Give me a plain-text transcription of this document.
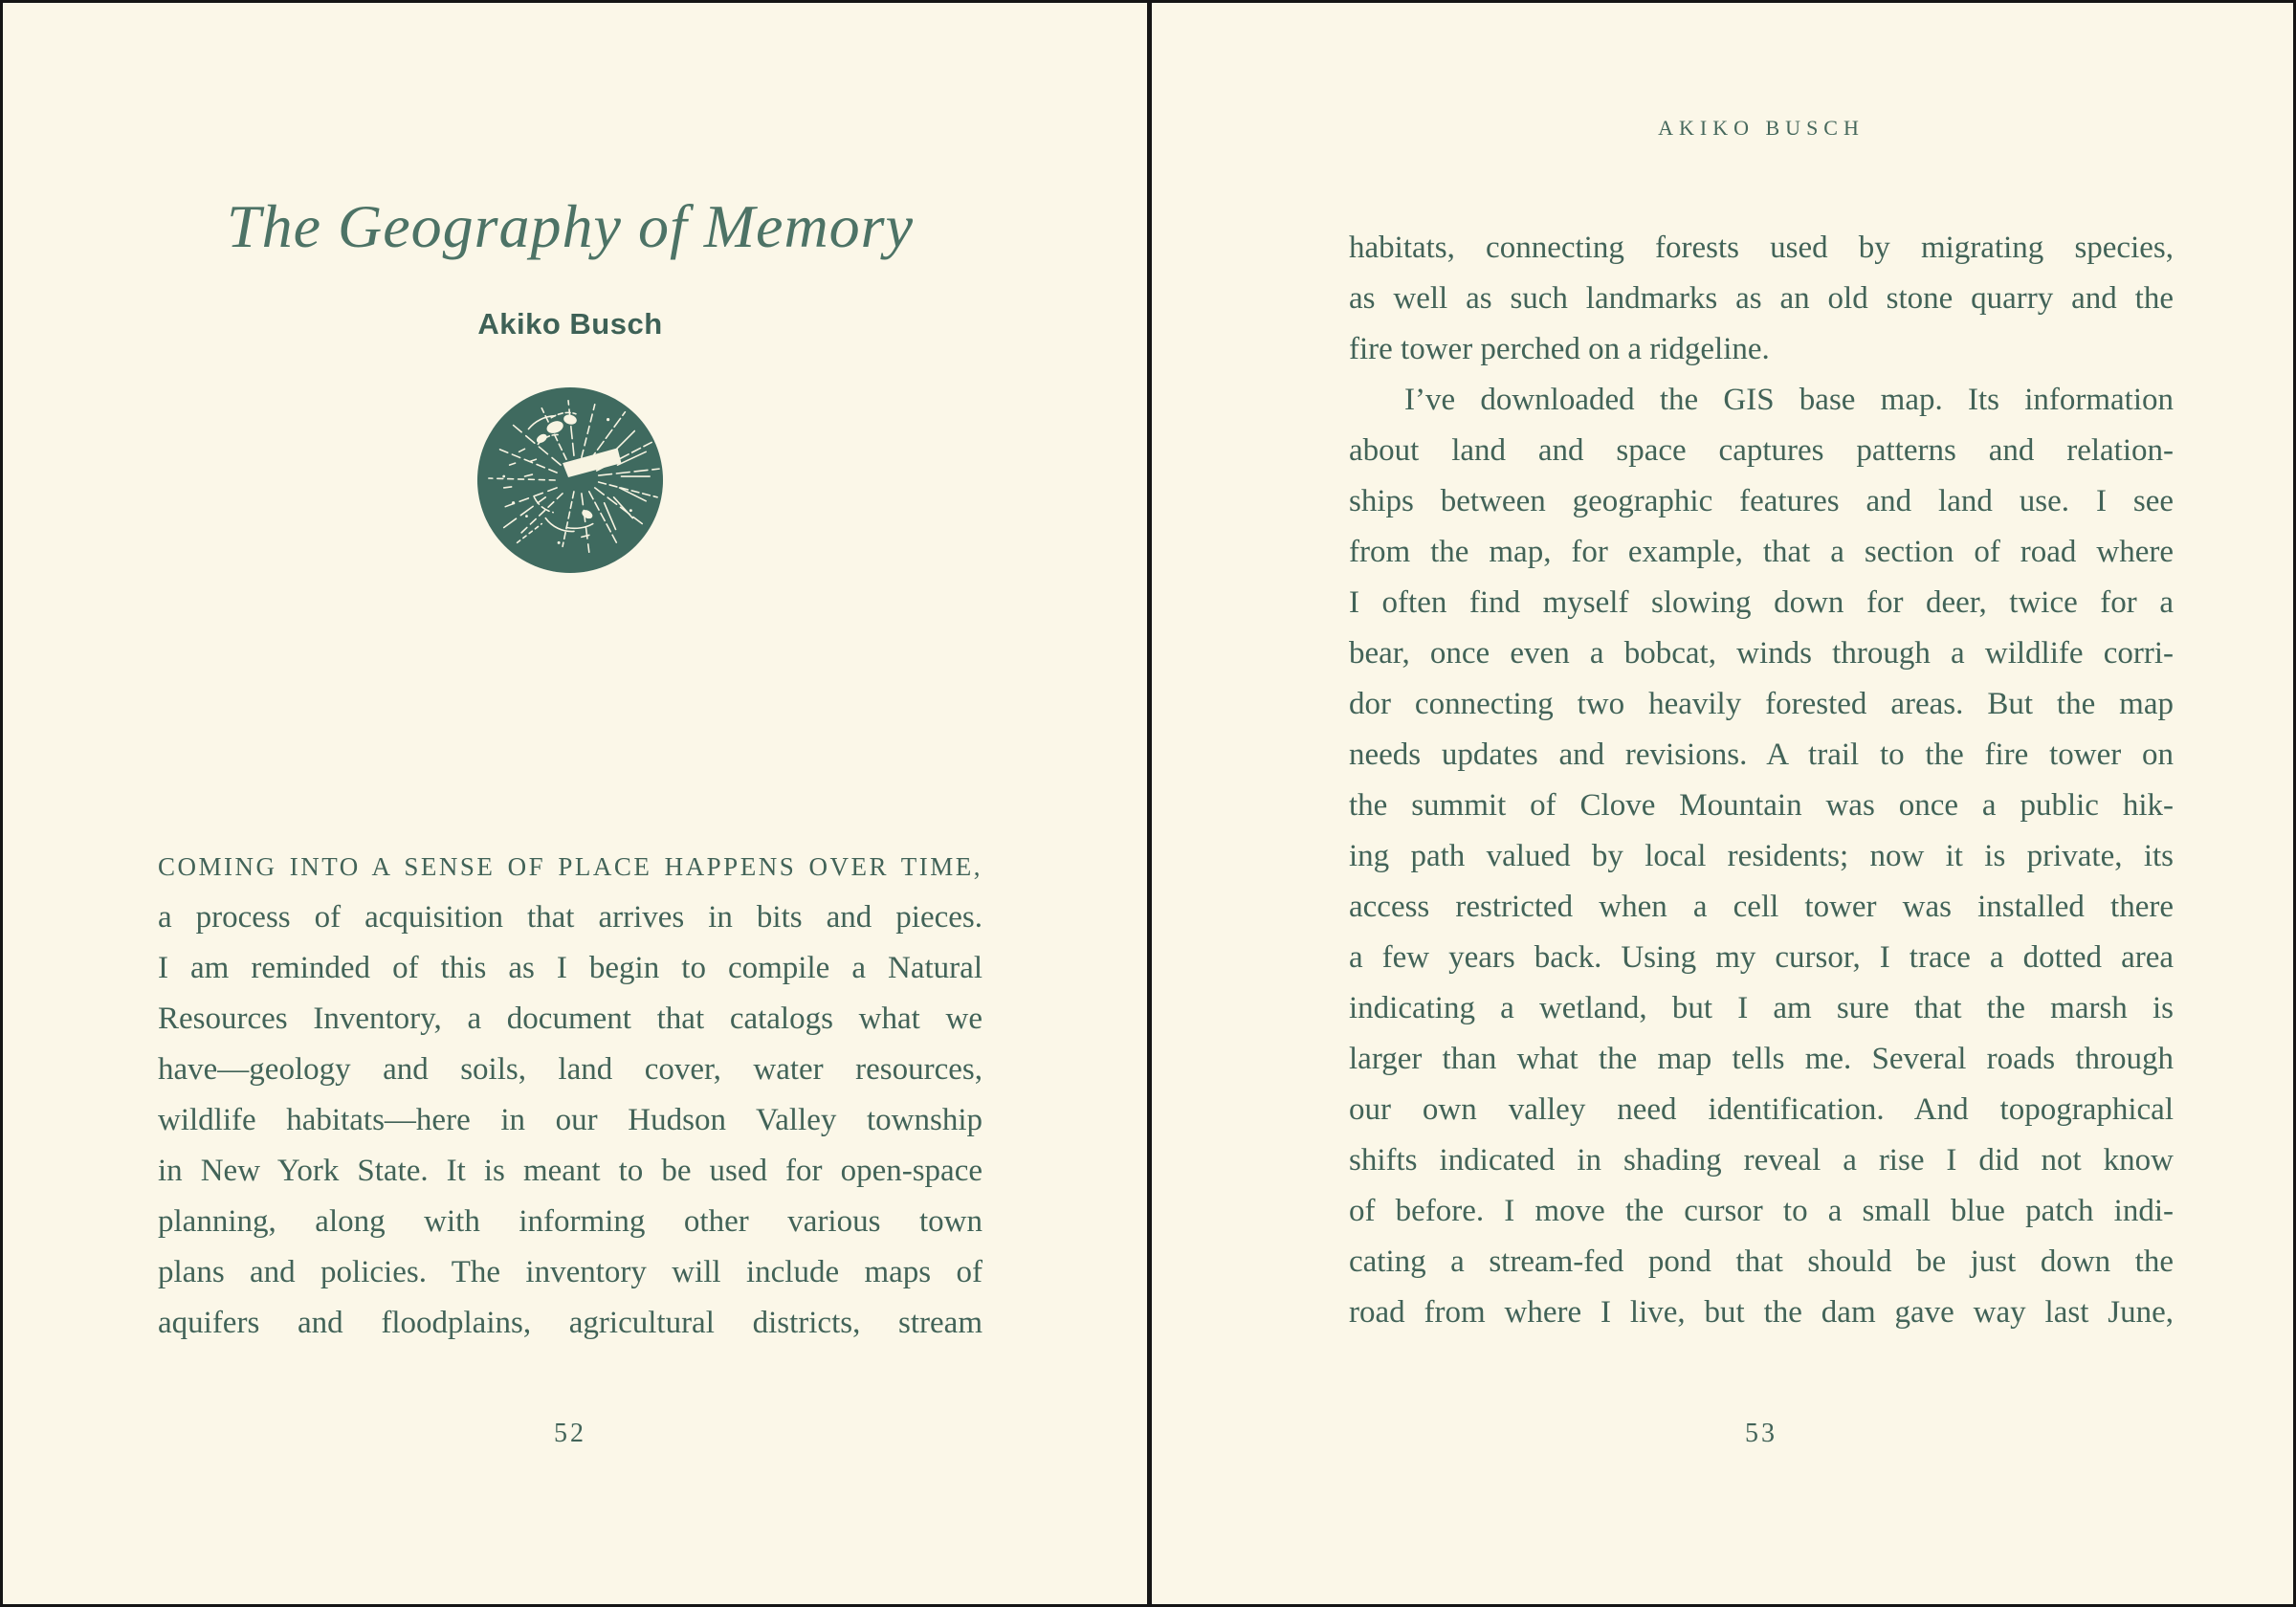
The Geography of Memory
Akiko Busch
COMING INTO A SENSE OF PLACE HAPPENS OVER TIME,
a process of acquisition that arrives in bits and pieces.
I am reminded of this as I begin to compile a Natural
Resources Inventory, a document that catalogs what we
have—geology and soils, land cover, water resources,
wildlife habitats—here in our Hudson Valley township
in New York State. It is meant to be used for open-space
planning, along with informing other various town
plans and policies. The inventory will include maps of
aquifers and floodplains, agricultural districts, stream
52
AKIKO BUSCH
habitats, connecting forests used by migrating species,
as well as such landmarks as an old stone quarry and the
fire tower perched on a ridgeline.
I’ve downloaded the GIS base map. Its information
about land and space captures patterns and relation-
ships between geographic features and land use. I see
from the map, for example, that a section of road where
I often find myself slowing down for deer, twice for a
bear, once even a bobcat, winds through a wildlife corri-
dor connecting two heavily forested areas. But the map
needs updates and revisions. A trail to the fire tower on
the summit of Clove Mountain was once a public hik-
ing path valued by local residents; now it is private, its
access restricted when a cell tower was installed there
a few years back. Using my cursor, I trace a dotted area
indicating a wetland, but I am sure that the marsh is
larger than what the map tells me. Several roads through
our own valley need identification. And topographical
shifts indicated in shading reveal a rise I did not know
of before. I move the cursor to a small blue patch indi-
cating a stream-fed pond that should be just down the
road from where I live, but the dam gave way last June,
53
